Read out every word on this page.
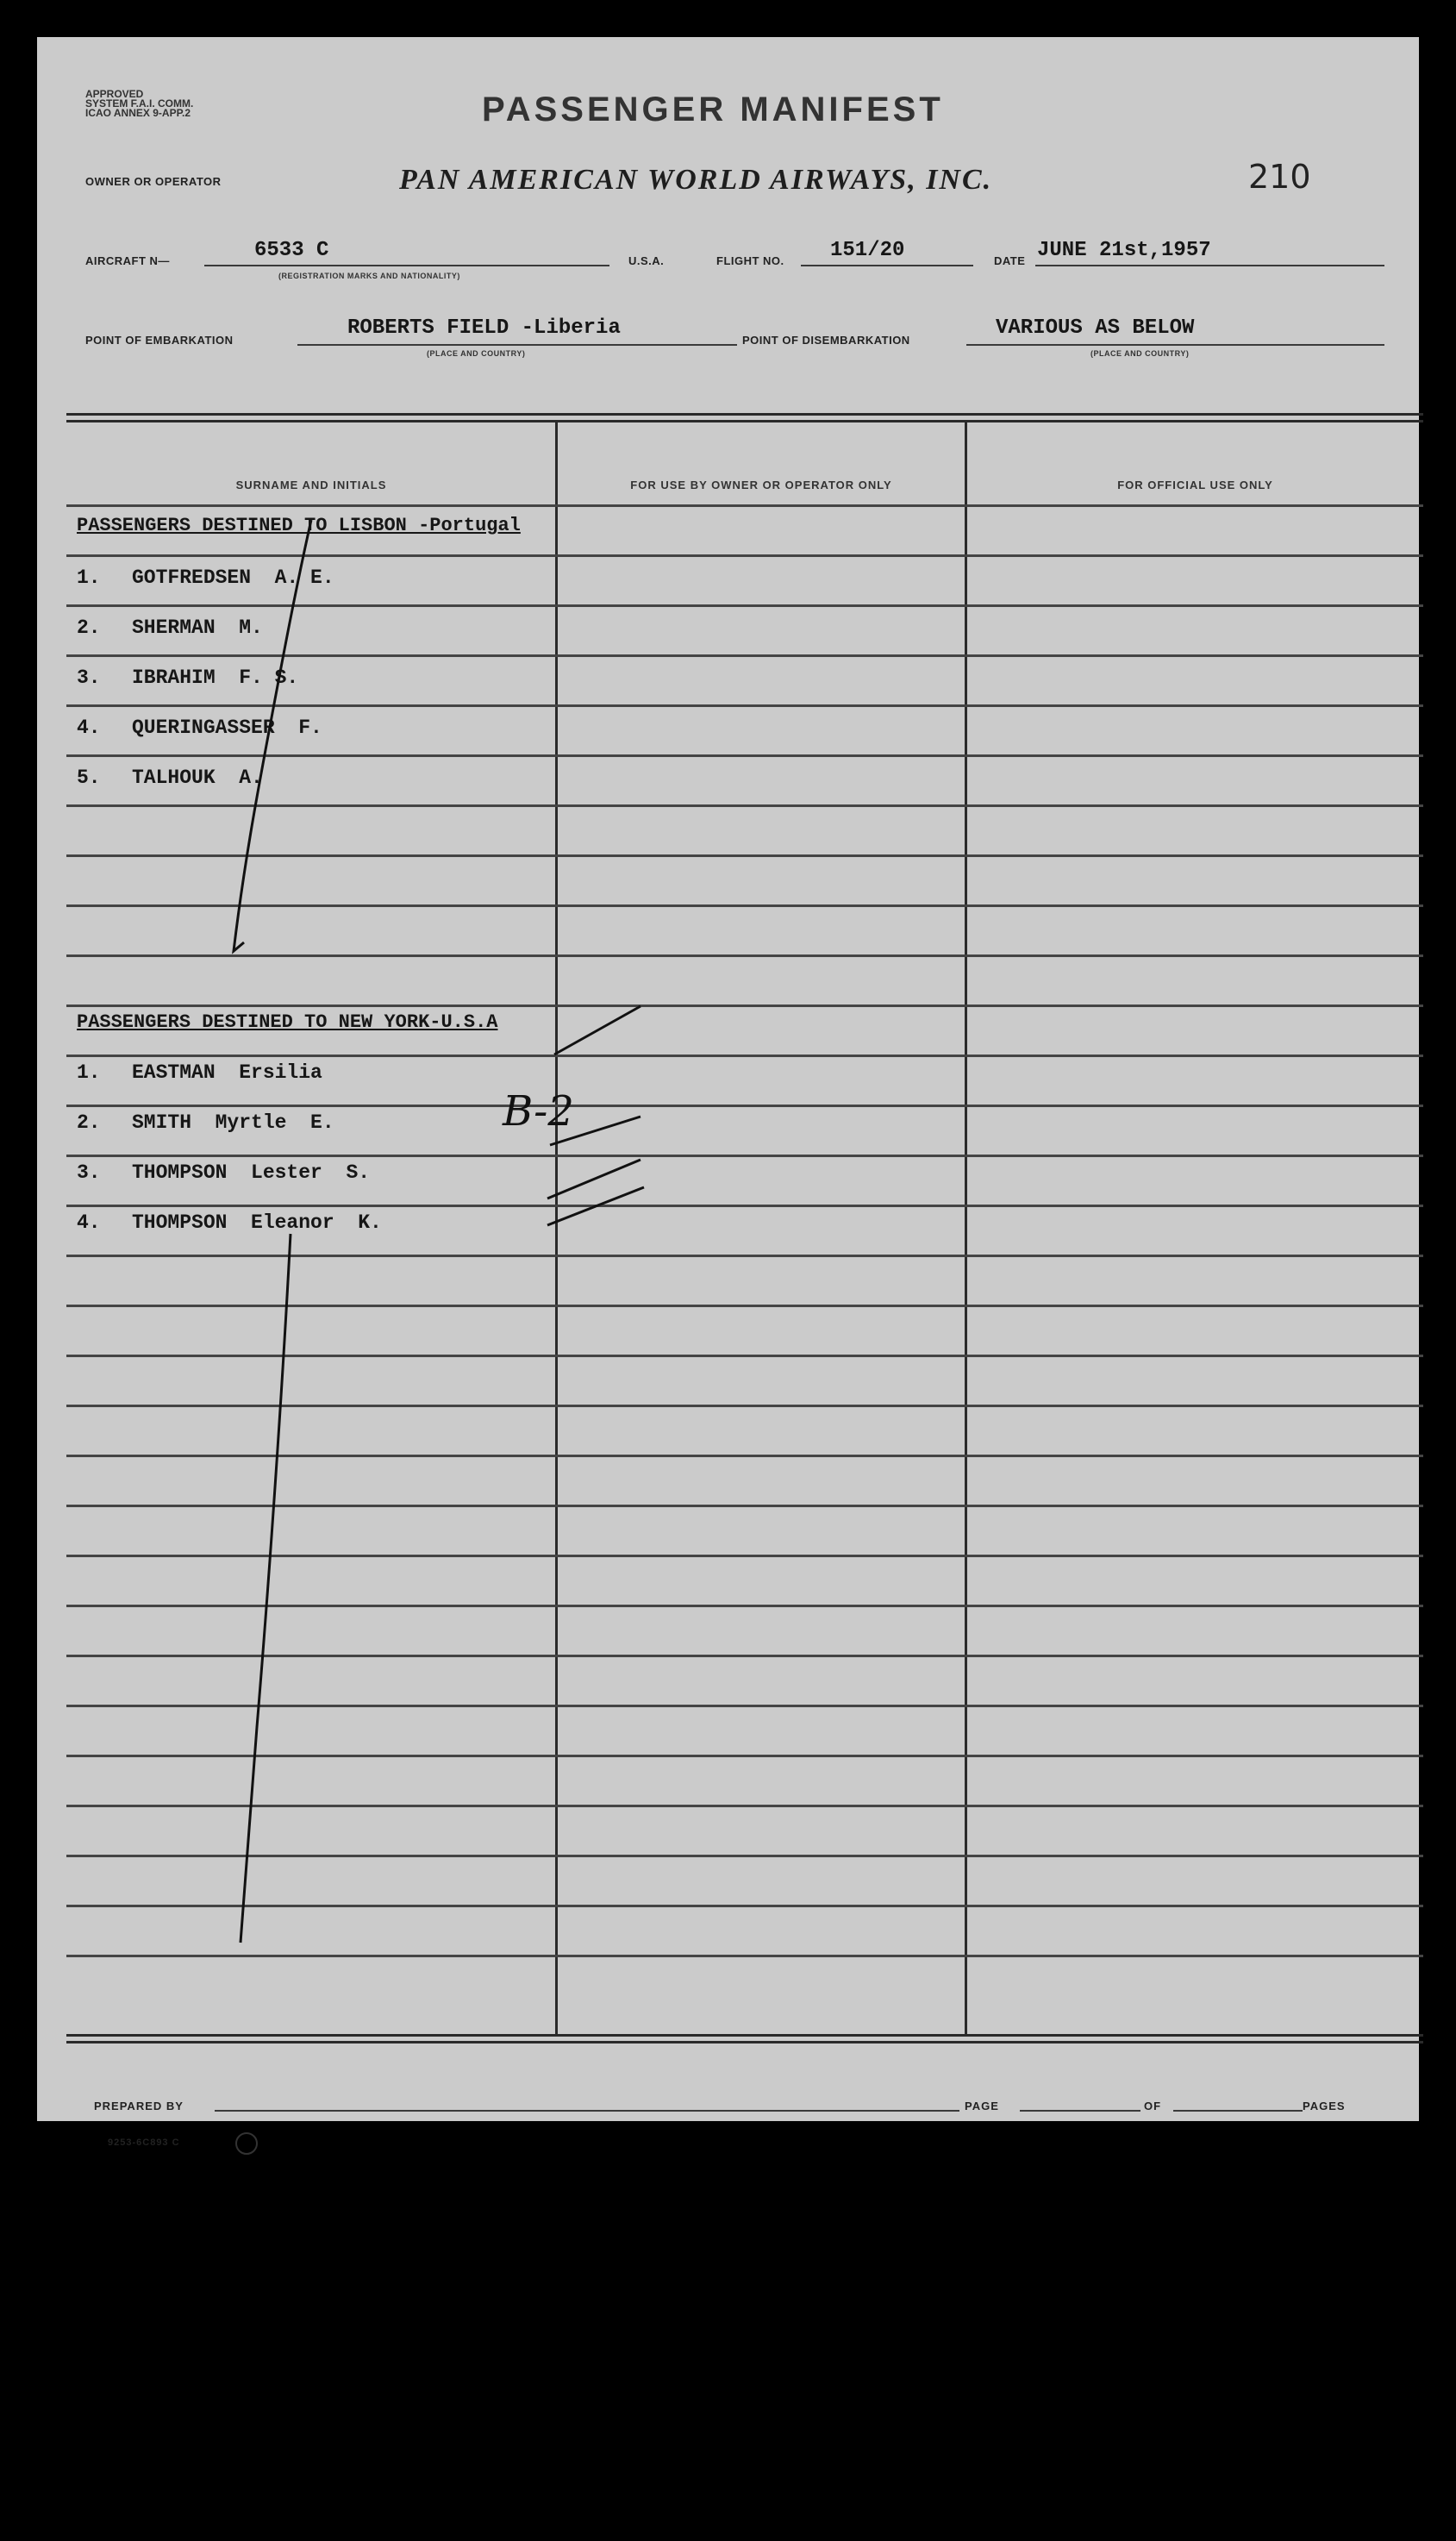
APPROVED
SYSTEM F.A.I. COMM.
ICAO ANNEX 9-APP.2	PASSENGER MANIFEST
OWNER OR OPERATOR	PAN AMERICAN WORLD AIRWAYS, INC.	210
AIRCRAFT N—	6533 C
(REGISTRATION MARKS AND NATIONALITY)
U.S.A.	FLIGHT NO. 151/20	DATE JUNE 21st,1957
POINT OF EMBARKATION
ROBERTS FIELD -Liberia
(PLACE AND COUNTRY)
POINT OF DISEMBARKATION
VARIOUS AS BELOW
(PLACE AND COUNTRY)
SURNAME AND INITIALS	FOR USE BY OWNER OR OPERATOR ONLY	FOR OFFICIAL USE ONLY
PASSENGERS DESTINED TO LISBON -Portugal
1. GOTFREDSEN  A. E.
2. SHERMAN  M.
3. IBRAHIM  F. S.
4. QUERINGASSER  F.
5. TALHOUK  A.
PASSENGERS DESTINED TO NEW YORK-U.S.A
1. EASTMAN  Ersilia
2. SMITH  Myrtle  E.
3. THOMPSON  Lester  S.
4. THOMPSON  Eleanor  K.
B-2
PREPARED BY	PAGE	OF	PAGES
9253-6C893 C
